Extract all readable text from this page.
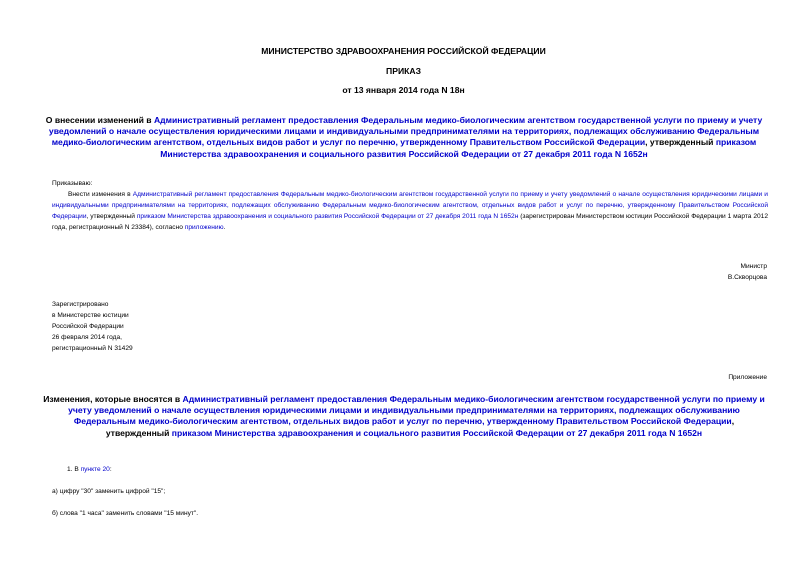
МИНИСТЕРСТВО ЗДРАВООХРАНЕНИЯ РОССИЙСКОЙ ФЕДЕРАЦИИ
ПРИКАЗ
от 13 января 2014 года N 18н
О внесении изменений в Административный регламент предоставления Федеральным медико-биологическим агентством государственной услуги по приему и учету уведомлений о начале осуществления юридическими лицами и индивидуальными предпринимателями на территориях, подлежащих обслуживанию Федеральным медико-биологическим агентством, отдельных видов работ и услуг по перечню, утвержденному Правительством Российской Федерации, утвержденный приказом Министерства здравоохранения и социального развития Российской Федерации от 27 декабря 2011 года N 1652н
Приказываю:
Внести изменения в Административный регламент предоставления Федеральным медико-биологическим агентством государственной услуги по приему и учету уведомлений о начале осуществления юридическими лицами и индивидуальными предпринимателями на территориях, подлежащих обслуживанию Федеральным медико-биологическим агентством, отдельных видов работ и услуг по перечню, утвержденному Правительством Российской Федерации, утвержденный приказом Министерства здравоохранения и социального развития Российской Федерации от 27 декабря 2011 года N 1652н (зарегистрирован Министерством юстиции Российской Федерации 1 марта 2012 года, регистрационный N 23384), согласно приложению.
Министр
В.Скворцова
Зарегистрировано
в Министерстве юстиции
Российской Федерации
26 февраля 2014 года,
регистрационный N 31429
Приложение
Изменения, которые вносятся в Административный регламент предоставления Федеральным медико-биологическим агентством государственной услуги по приему и учету уведомлений о начале осуществления юридическими лицами и индивидуальными предпринимателями на территориях, подлежащих обслуживанию Федеральным медико-биологическим агентством, отдельных видов работ и услуг по перечню, утвержденному Правительством Российской Федерации, утвержденный приказом Министерства здравоохранения и социального развития Российской Федерации от 27 декабря 2011 года N 1652н
1. В пункте 20:
а) цифру "30" заменить цифрой "15";
б) слова "1 часа" заменить словами "15 минут".
